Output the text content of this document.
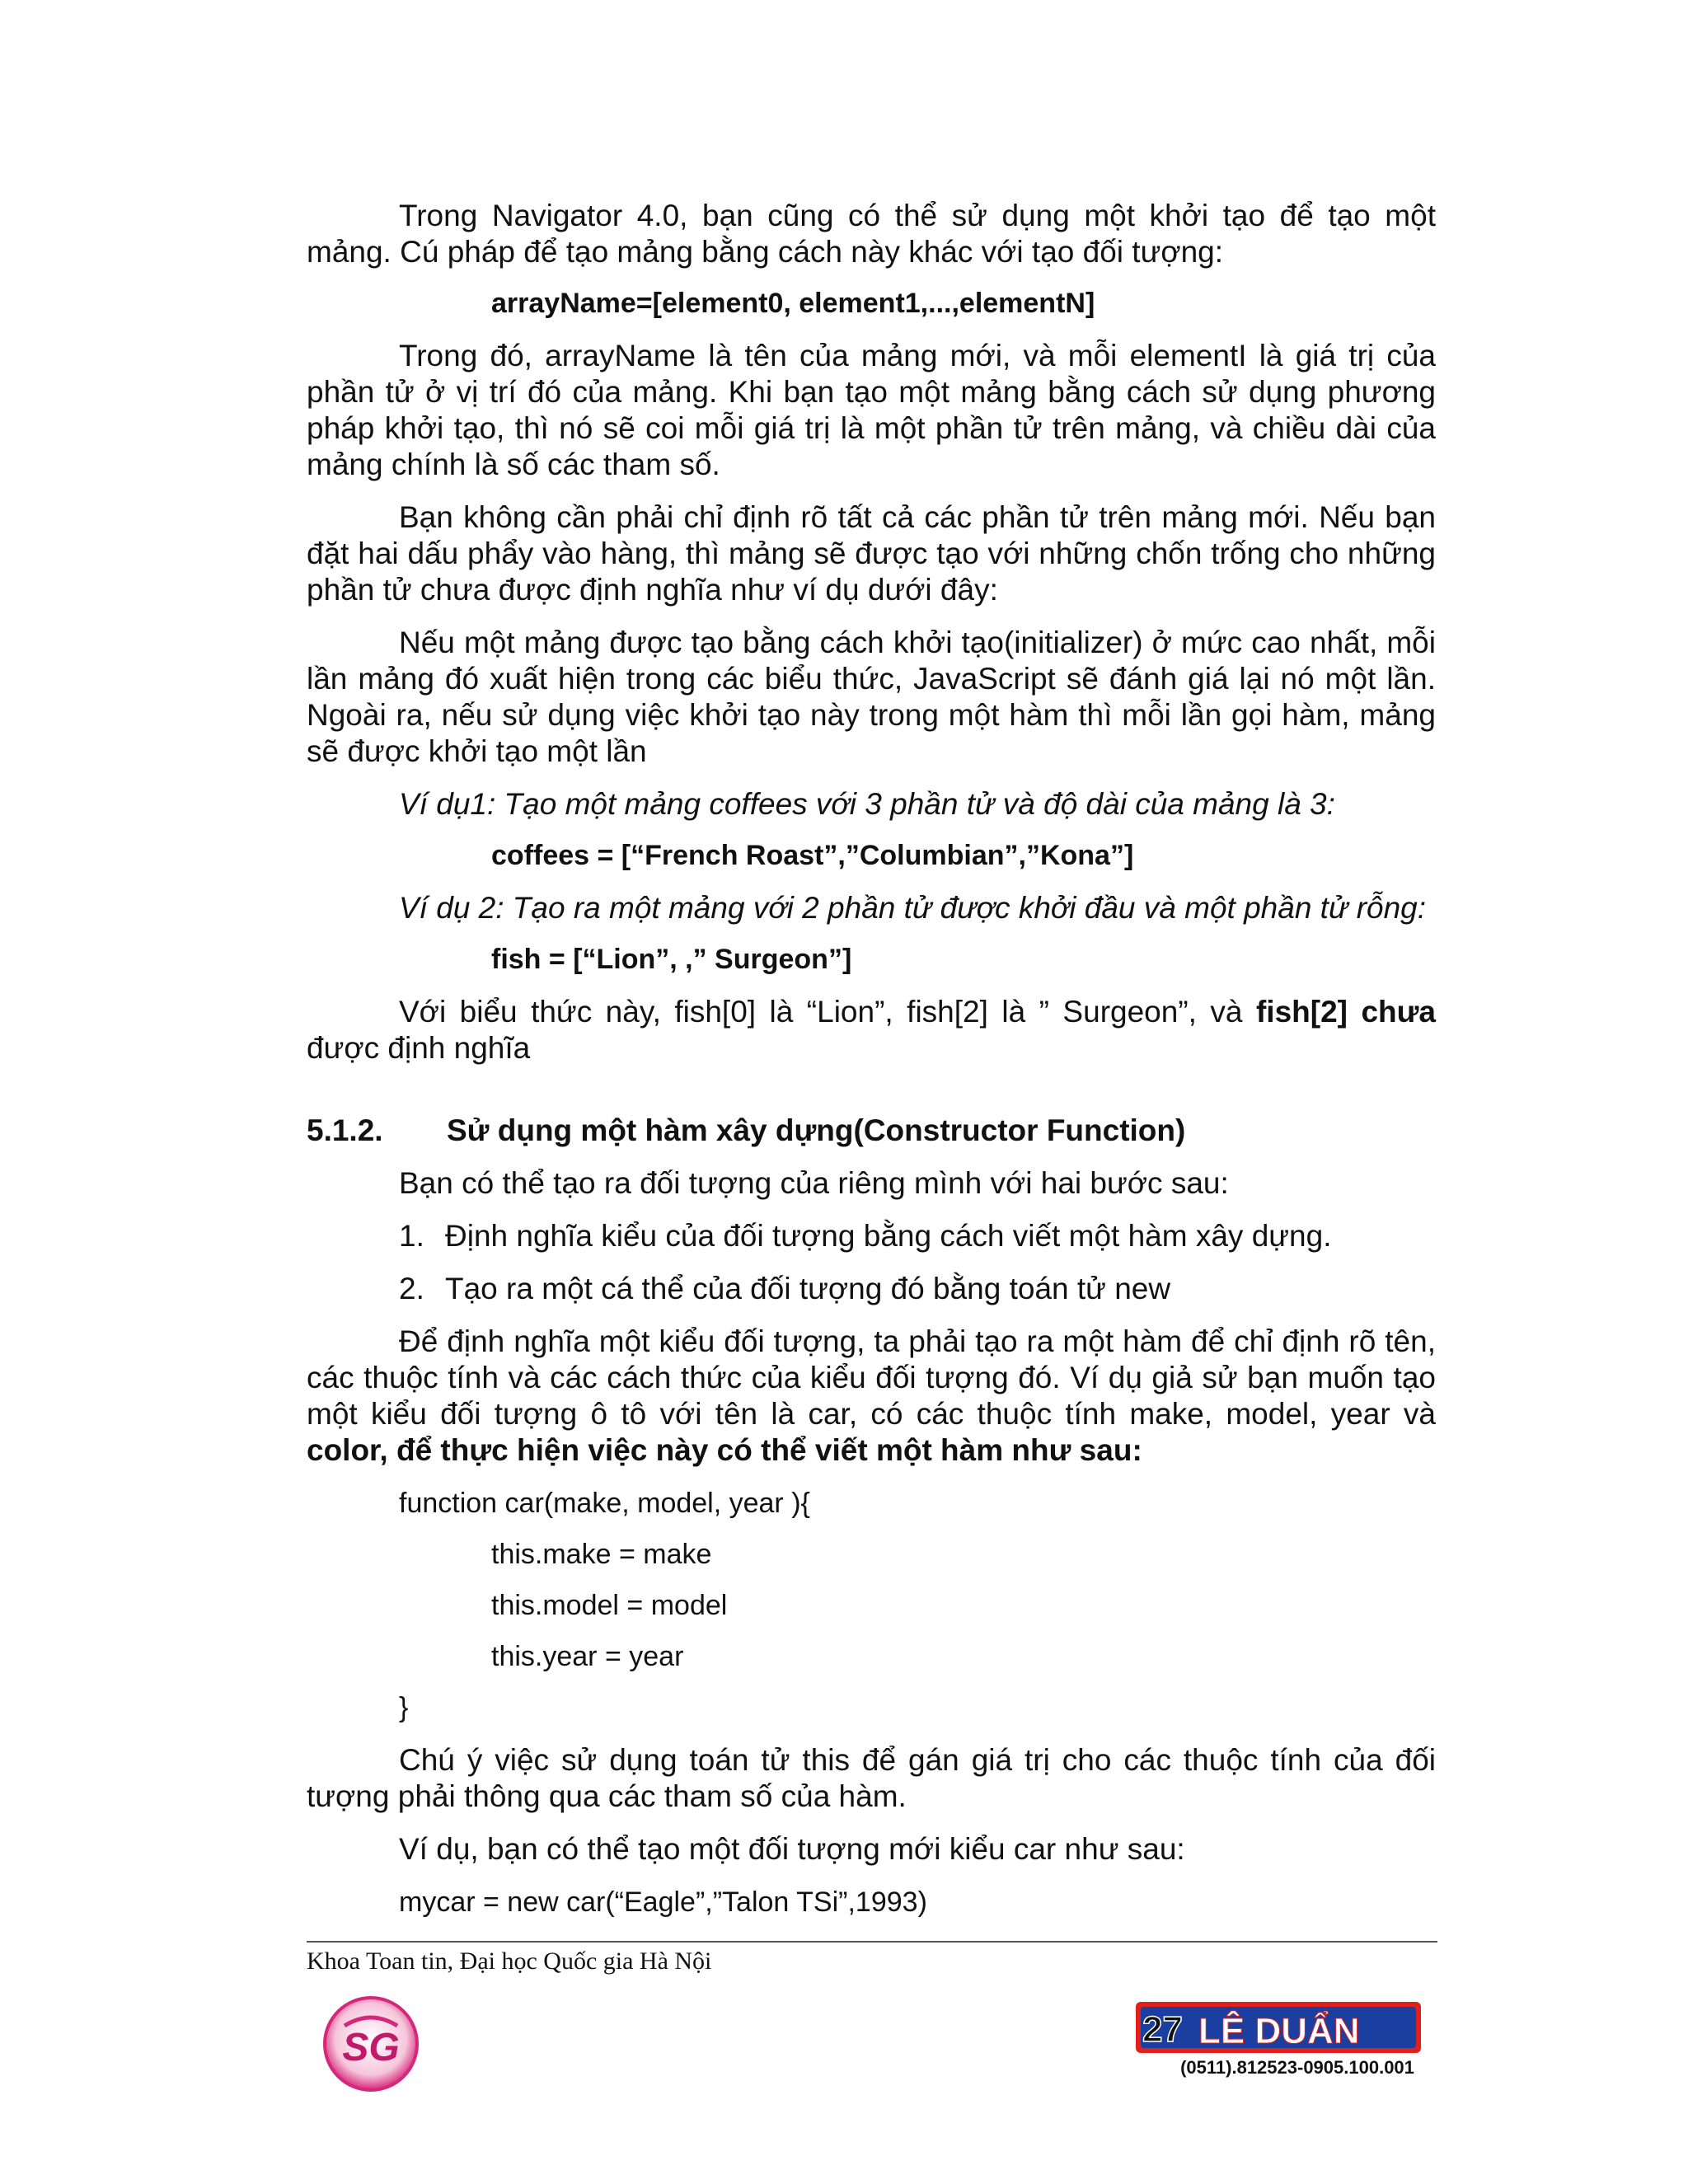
Trong Navigator 4.0, bạn cũng có thể sử dụng một khởi tạo để tạo một mảng. Cú pháp để tạo mảng bằng cách này khác với tạo đối tượng:

arrayName=[element0, element1,...,elementN]

Trong đó, arrayName là tên của mảng mới, và mỗi elementI là giá trị của phần tử ở vị trí đó của mảng. Khi bạn tạo một mảng bằng cách sử dụng phương pháp khởi tạo, thì nó sẽ coi mỗi giá trị là một phần tử trên mảng, và chiều dài của mảng chính là số các tham số.

Bạn không cần phải chỉ định rõ tất cả các phần tử trên mảng mới. Nếu bạn đặt hai dấu phẩy vào hàng, thì mảng sẽ được tạo với những chốn trống cho những phần tử chưa được định nghĩa như ví dụ dưới đây:

Nếu một mảng được tạo bằng cách khởi tạo(initializer) ở mức cao nhất, mỗi lần mảng đó xuất hiện trong các biểu thức, JavaScript sẽ đánh giá lại nó một lần. Ngoài ra, nếu sử dụng việc khởi tạo này trong một hàm thì mỗi lần gọi hàm, mảng sẽ được khởi tạo một lần

Ví dụ1: Tạo một mảng coffees với 3 phần tử và độ dài của mảng là 3:

coffees = [“French Roast”,”Columbian”,”Kona”]

Ví dụ 2: Tạo ra một mảng với 2 phần tử được khởi đầu và một phần tử rỗng:

fish = [“Lion”, ,” Surgeon”]

Với biểu thức này, fish[0] là “Lion”, fish[2] là ” Surgeon”, và fish[2] chưa được định nghĩa

5.1.2.	Sử dụng một hàm xây dựng(Constructor Function)

Bạn có thể tạo ra đối tượng của riêng mình với hai bước sau:

1. Định nghĩa kiểu của đối tượng bằng cách viết một hàm xây dựng.
2. Tạo ra một cá thể của đối tượng đó bằng toán tử new

Để định nghĩa một kiểu đối tượng, ta phải tạo ra một hàm để chỉ định rõ tên, các thuộc tính và các cách thức của kiểu đối tượng đó. Ví dụ giả sử bạn muốn tạo một kiểu đối tượng ô tô với tên là car, có các thuộc tính make, model, year và color, để thực hiện việc này có thể viết một hàm như sau:

function car(make, model, year ){

this.make = make

this.model = model

this.year = year

}

Chú ý việc sử dụng toán tử this để gán giá trị cho các thuộc tính của đối tượng phải thông qua các tham số của hàm.

Ví dụ, bạn có thể tạo một đối tượng mới kiểu car như sau:

mycar = new car(“Eagle”,”Talon TSi”,1993)

Khoa Toan tin, Đại học Quốc gia Hà Nội
SG	27 LÊ DUẨN
(0511).812523-0905.100.001
